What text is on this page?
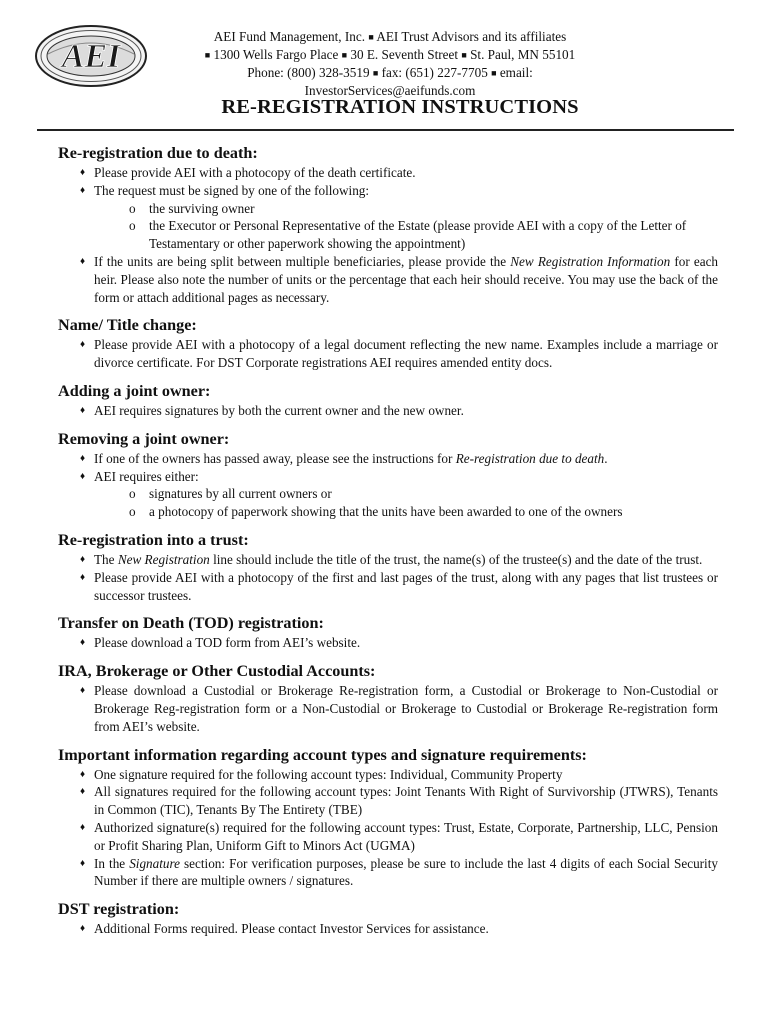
AEI
AEI Fund Management, Inc. ■ AEI Trust Advisors and its affiliates
■ 1300 Wells Fargo Place ■ 30 E. Seventh Street ■ St. Paul, MN 55101
Phone: (800) 328-3519 ■ fax: (651) 227-7705 ■ email: InvestorServices@aeifunds.com
RE-REGISTRATION INSTRUCTIONS
Re-registration due to death:
♦ Please provide AEI with a photocopy of the death certificate.
♦ The request must be signed by one of the following:
o the surviving owner
o the Executor or Personal Representative of the Estate (please provide AEI with a copy of the Letter of Testamentary or other paperwork showing the appointment)
♦ If the units are being split between multiple beneficiaries, please provide the New Registration Information for each heir. Please also note the number of units or the percentage that each heir should receive. You may use the back of the form or attach additional pages as necessary.
Name/ Title change:
♦ Please provide AEI with a photocopy of a legal document reflecting the new name. Examples include a marriage or divorce certificate. For DST Corporate registrations AEI requires amended entity docs.
Adding a joint owner:
♦ AEI requires signatures by both the current owner and the new owner.
Removing a joint owner:
♦ If one of the owners has passed away, please see the instructions for Re-registration due to death.
♦ AEI requires either:
o signatures by all current owners or
o a photocopy of paperwork showing that the units have been awarded to one of the owners
Re-registration into a trust:
♦ The New Registration line should include the title of the trust, the name(s) of the trustee(s) and the date of the trust.
♦ Please provide AEI with a photocopy of the first and last pages of the trust, along with any pages that list trustees or successor trustees.
Transfer on Death (TOD) registration:
♦ Please download a TOD form from AEI’s website.
IRA, Brokerage or Other Custodial Accounts:
♦ Please download a Custodial or Brokerage Re-registration form, a Custodial or Brokerage to Non-Custodial or Brokerage Reg-registration form or a Non-Custodial or Brokerage to Custodial or Brokerage Re-registration form from AEI’s website.
Important information regarding account types and signature requirements:
♦ One signature required for the following account types: Individual, Community Property
♦ All signatures required for the following account types: Joint Tenants With Right of Survivorship (JTWRS), Tenants in Common (TIC), Tenants By The Entirety (TBE)
♦ Authorized signature(s) required for the following account types: Trust, Estate, Corporate, Partnership, LLC, Pension or Profit Sharing Plan, Uniform Gift to Minors Act (UGMA)
♦ In the Signature section: For verification purposes, please be sure to include the last 4 digits of each Social Security Number if there are multiple owners / signatures.
DST registration:
♦ Additional Forms required. Please contact Investor Services for assistance.
